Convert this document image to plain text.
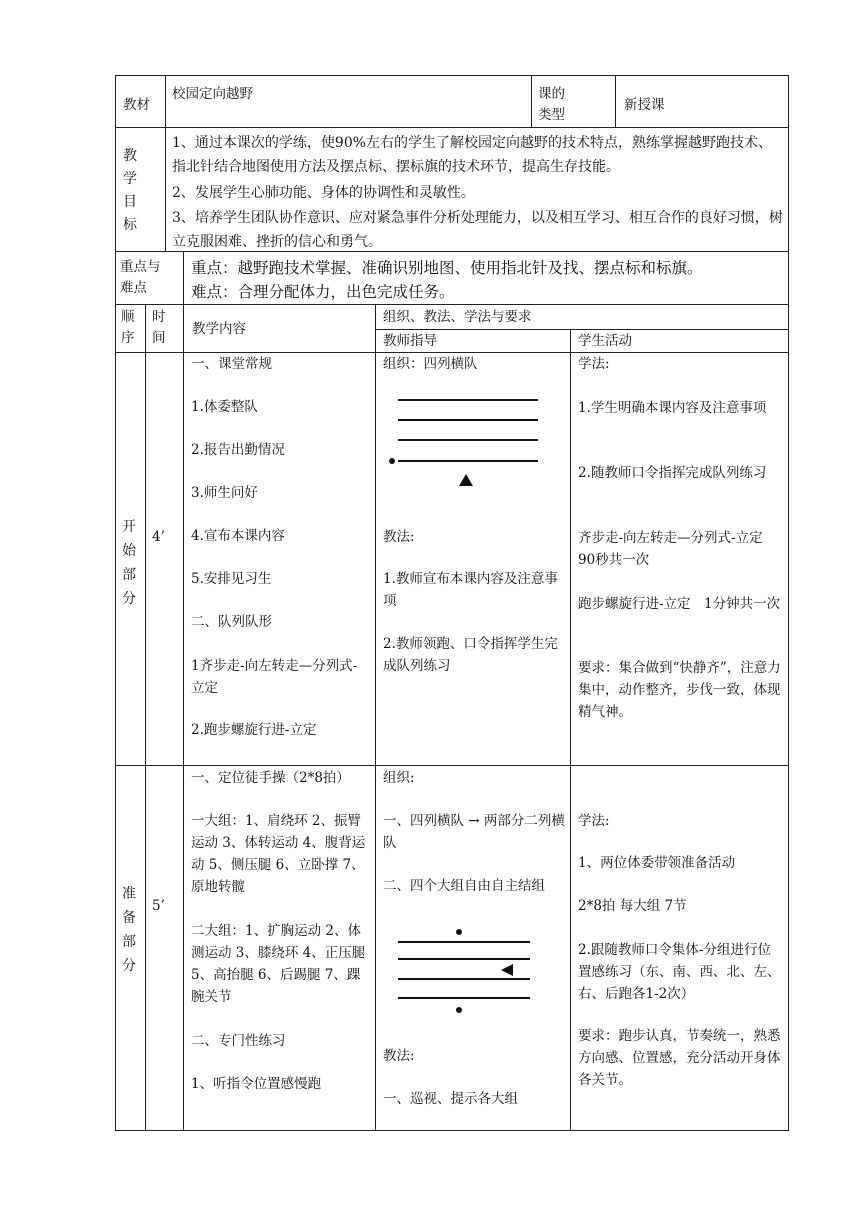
教材
校园定向越野	课的
类型
新授课
教
学
目
标
1、通过本课次的学练，使90%左右的学生了解校园定向越野的技术特点，熟练掌握越野跑技术、指北针结合地图使用方法及摆点标、摆标旗的技术环节，提高生存技能。
2、发展学生心肺功能、身体的协调性和灵敏性。
3、培养学生团队协作意识、应对紧急事件分析处理能力，以及相互学习、相互合作的良好习惯，树立克服困难、挫折的信心和勇气。
重点与
难点
重点：越野跑技术掌握、准确识别地图、使用指北针及找、摆点标和标旗。
难点：合理分配体力，出色完成任务。
顺
序
时
间
教学内容
组织、教法、学法与要求
教师指导	学生活动
开
始
部
分
4’
一、课堂常规
1.体委整队
2.报告出勤情况
3.师生问好
4.宣布本课内容
5.安排见习生
二、队列队形
1齐步走-向左转走—分列式-立定
2.跑步螺旋行进-立定
组织：四列横队
教法:
1.教师宣布本课内容及注意事项
2.教师领跑、口令指挥学生完成队列练习
学法:
1.学生明确本课内容及注意事项
2.随教师口令指挥完成队列练习
齐步走-向左转走—分列式-立定　90秒共一次
跑步螺旋行进-立定　1分钟共一次
要求：集合做到“快静齐”，注意力集中，动作整齐，步伐一致，体现精气神。
准
备
部
分
5’
一、定位徒手操（2*8拍）
一大组：1、肩绕环 2、振臂运动 3、体转运动 4、腹背运动 5、侧压腿 6、立卧撑 7、原地转髋
二大组：1、扩胸运动 2、体测运动 3、膝绕环 4、正压腿 5、高抬腿 6、后踢腿 7、踝腕关节
二、专门性练习
1、听指令位置感慢跑
组织:
一、四列横队 → 两部分二列横队
二、四个大组自由自主结组
教法:
一、巡视、提示各大组
学法:
1、两位体委带领准备活动
2*8拍 每大组 7节
2.跟随教师口令集体-分组进行位置感练习（东、南、西、北、左、右、后跑各1-2次）
要求：跑步认真，节奏统一，熟悉方向感、位置感，充分活动开身体各关节。
